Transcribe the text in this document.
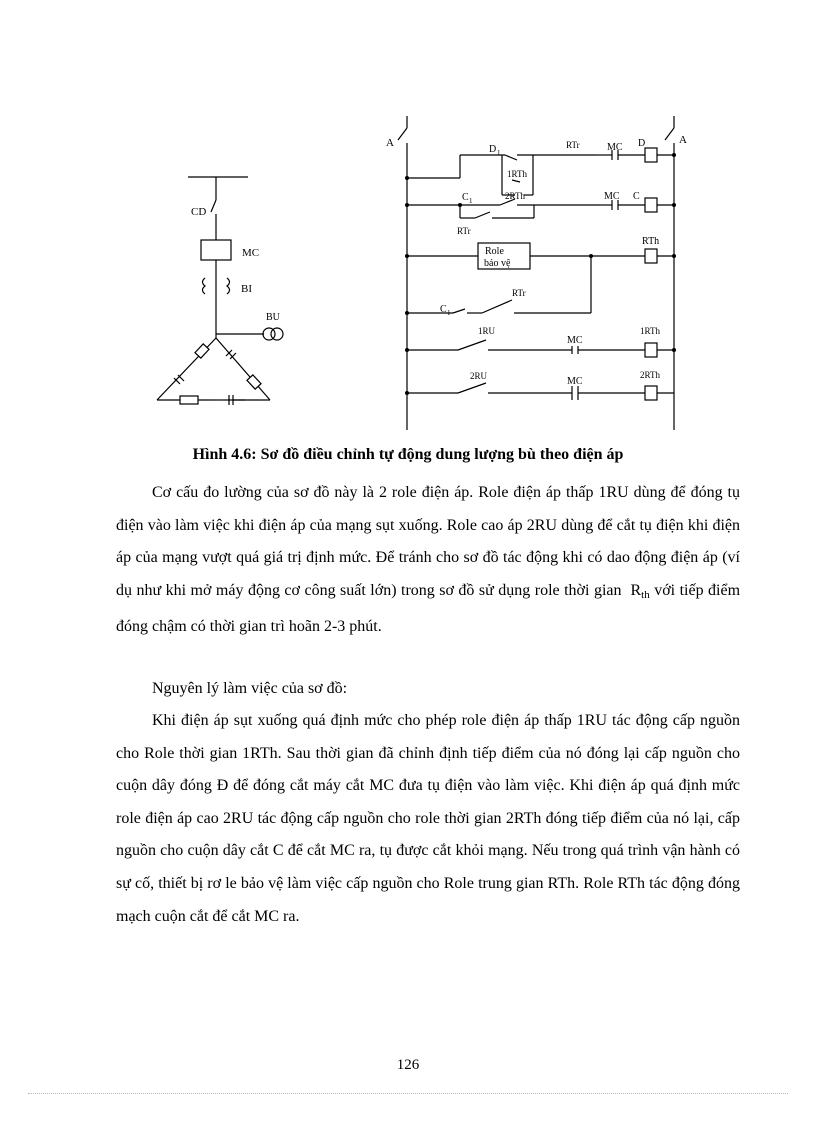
CD
MC
BI
BU
A	A
D 1
RTr	MC D
1RTh
C 1	2RTh	MC C
RTr
Role
bảo vệ
RTh
C 1
RTr
1RU
MC
1RTh
2RU	MC
2RTh

Hình 4.6: Sơ đồ điều chỉnh tự động dung lượng bù theo điện áp

Cơ cấu đo lường của sơ đồ này là 2 role điện áp. Role điện áp thấp 1RU dùng để đóng tụ điện vào làm việc khi điện áp của mạng sụt xuống. Role cao áp 2RU dùng để cắt tụ điện khi điện áp của mạng vượt quá giá trị định mức. Để tránh cho sơ đồ tác động khi có dao động điện áp (ví dụ như khi mở máy động cơ công suất lớn) trong sơ đồ sử dụng role thời gian $R_{th}$ với tiếp điểm đóng chậm có thời gian trì hoãn 2-3 phút.

Nguyên lý làm việc của sơ đồ:

Khi điện áp sụt xuống quá định mức cho phép role điện áp thấp 1RU tác động cấp nguồn cho Role thời gian 1RTh. Sau thời gian đã chỉnh định tiếp điểm của nó đóng lại cấp nguồn cho cuộn dây đóng Đ để đóng cắt máy cắt MC đưa tụ điện vào làm việc. Khi điện áp quá định mức role điện áp cao 2RU tác động cấp nguồn cho role thời gian 2RTh đóng tiếp điểm của nó lại, cấp nguồn cho cuộn dây cắt C để cắt MC ra, tụ được cắt khỏi mạng. Nếu trong quá trình vận hành có sự cố, thiết bị rơ le bảo vệ làm việc cấp nguồn cho Role trung gian RTh. Role RTh tác động đóng mạch cuộn cắt để cắt MC ra.

126
